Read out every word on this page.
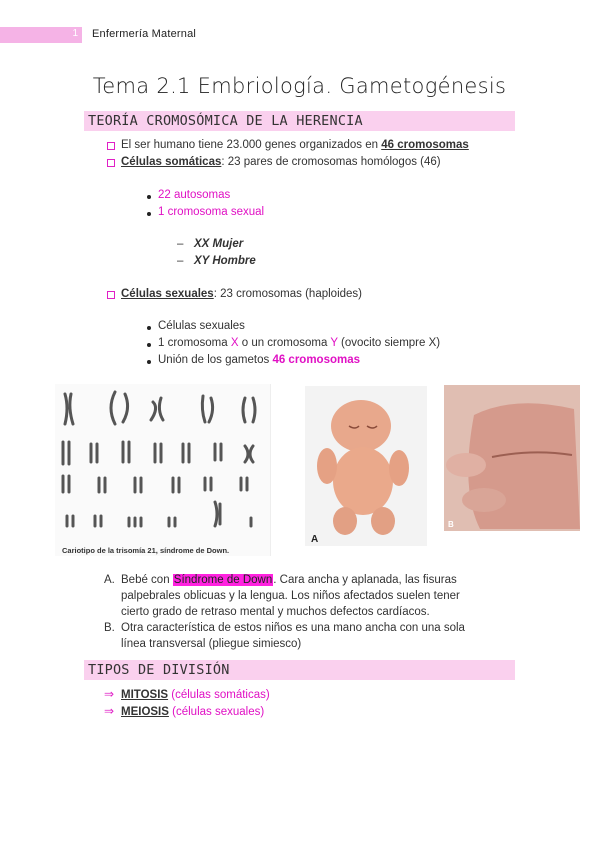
1 Enfermería Maternal
Tema 2.1 Embriología. Gametogénesis
TEORÍA CROMOSÓMICA DE LA HERENCIA
El ser humano tiene 23.000 genes organizados en 46 cromosomas
Células somáticas: 23 pares de cromosomas homólogos (46)
22 autosomas
1 cromosoma sexual
– XX Mujer
– XY Hombre
Células sexuales: 23 cromosomas (haploides)
Células sexuales
1 cromosoma X o un cromosoma Y (ovocito siempre X)
Unión de los gametos 46 cromosomas
Cariotipo de la trisomía 21, síndrome de Down.
A
B
A. Bebé con Síndrome de Down. Cara ancha y aplanada, las fisuras
palpebrales oblicuas y la lengua. Los niños afectados suelen tener
cierto grado de retraso mental y muchos defectos cardíacos.
B. Otra característica de estos niños es una mano ancha con una sola
línea transversal (pliegue simiesco)
TIPOS DE DIVISIÓN
⇒ MITOSIS (células somáticas)
⇒ MEIOSIS (células sexuales)
